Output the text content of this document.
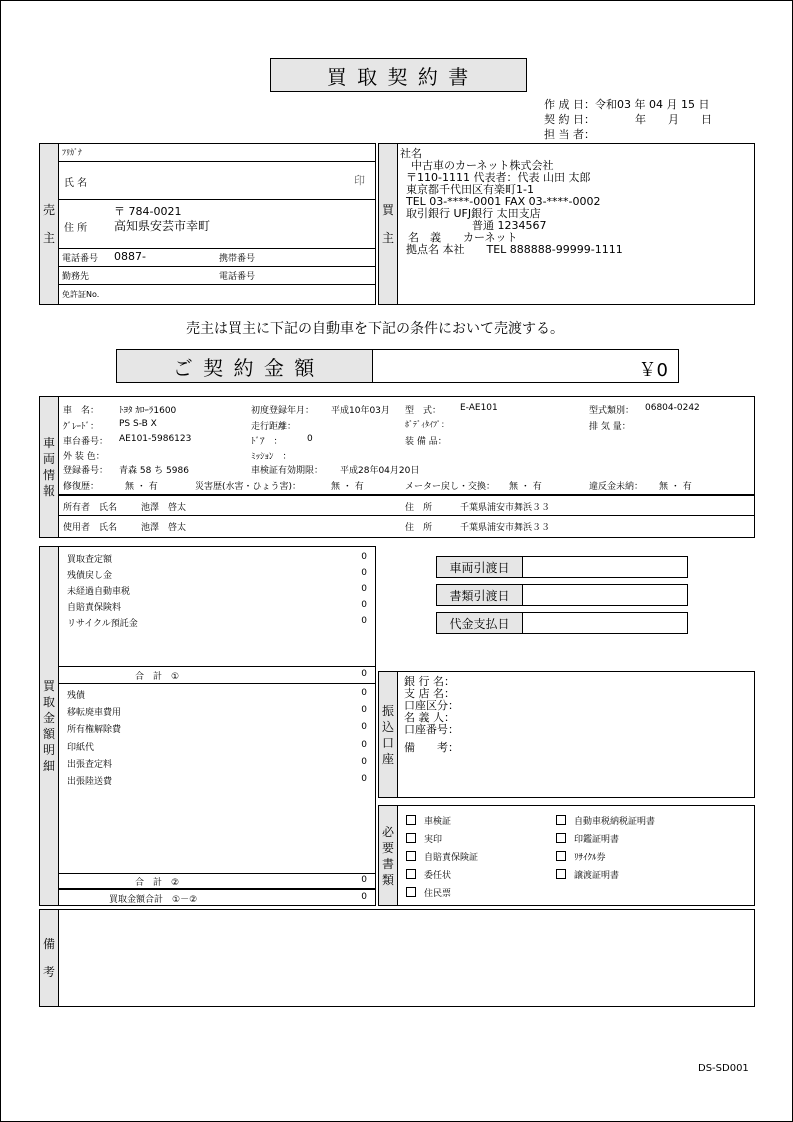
買 取 契 約 書
作 成 日：令和03 年 04 月 15 日
契 約 日：	年　　月　　日
担 当 者：
売
主
ﾌﾘｶﾞﾅ
氏 名	印
〒 784-0021
住 所 高知県安芸市幸町
電話番号 0887-	携帯番号
勤務先	電話番号
免許証No.
買
主
社名
　中古車のカーネット株式会社
〒110-1111 代表者：代表 山田 太郎
東京都千代田区有楽町1-1
TEL 03-****-0001 FAX 03-****-0002
取引銀行 UFJ銀行 太田支店
　　　　　　普通 1234567
名　義　　カーネット
拠点名 本社　　TEL 888888-99999-1111
売主は買主に下記の自動車を下記の条件において売渡する。
ご 契 約 金 額	￥0
車
両
情
報
車　名： ﾄﾖﾀ ｶﾛｰﾗ1600	初度登録年月： 平成10年03月 型　式： E-AE101	型式類別： 06804-0242
ｸﾞﾚｰﾄﾞ： PS S-B X	走行距離：	ﾎﾞﾃﾞｨﾀｲﾌﾟ：	排 気 量：
車台番号： AE101-5986123	ﾄﾞｱ　：	0	装 備 品：
外 装 色：	ﾐｯｼｮﾝ　：
登録番号： 青森 58 ち 5986	車検証有効期限： 平成28年04月20日
修復歴：	無 ・ 有	災害歴(水害・ひょう害)：	無 ・ 有	メーター戻し・交換： 無 ・ 有	違反金未納： 無 ・ 有
所有者　氏名	池澤　啓太	住　所	千葉県浦安市舞浜３３
使用者　氏名	池澤　啓太	住　所	千葉県浦安市舞浜３３
買
取
金
額
明
細
買取査定額	0
残債戻し金	0
未経過自動車税	0
自賠責保険料	0
リサイクル預託金	0
合　計　①	0
残債	0
移転廃車費用	0
所有権解除費	0
印紙代	0
出張査定料	0
出張陸送費	0
合　計　②	0
買取金額合計　①－②	0
車両引渡日
書類引渡日
代金支払日
振
込
口
座
銀 行 名：
支 店 名：
口座区分：
名 義 人：
口座番号：
備　　考：
必
要
書
類
車検証
実印
自賠責保険証
委任状
住民票
自動車税納税証明書
印鑑証明書
ﾘｻｲｸﾙ券
譲渡証明書
備
考
DS-SD001
